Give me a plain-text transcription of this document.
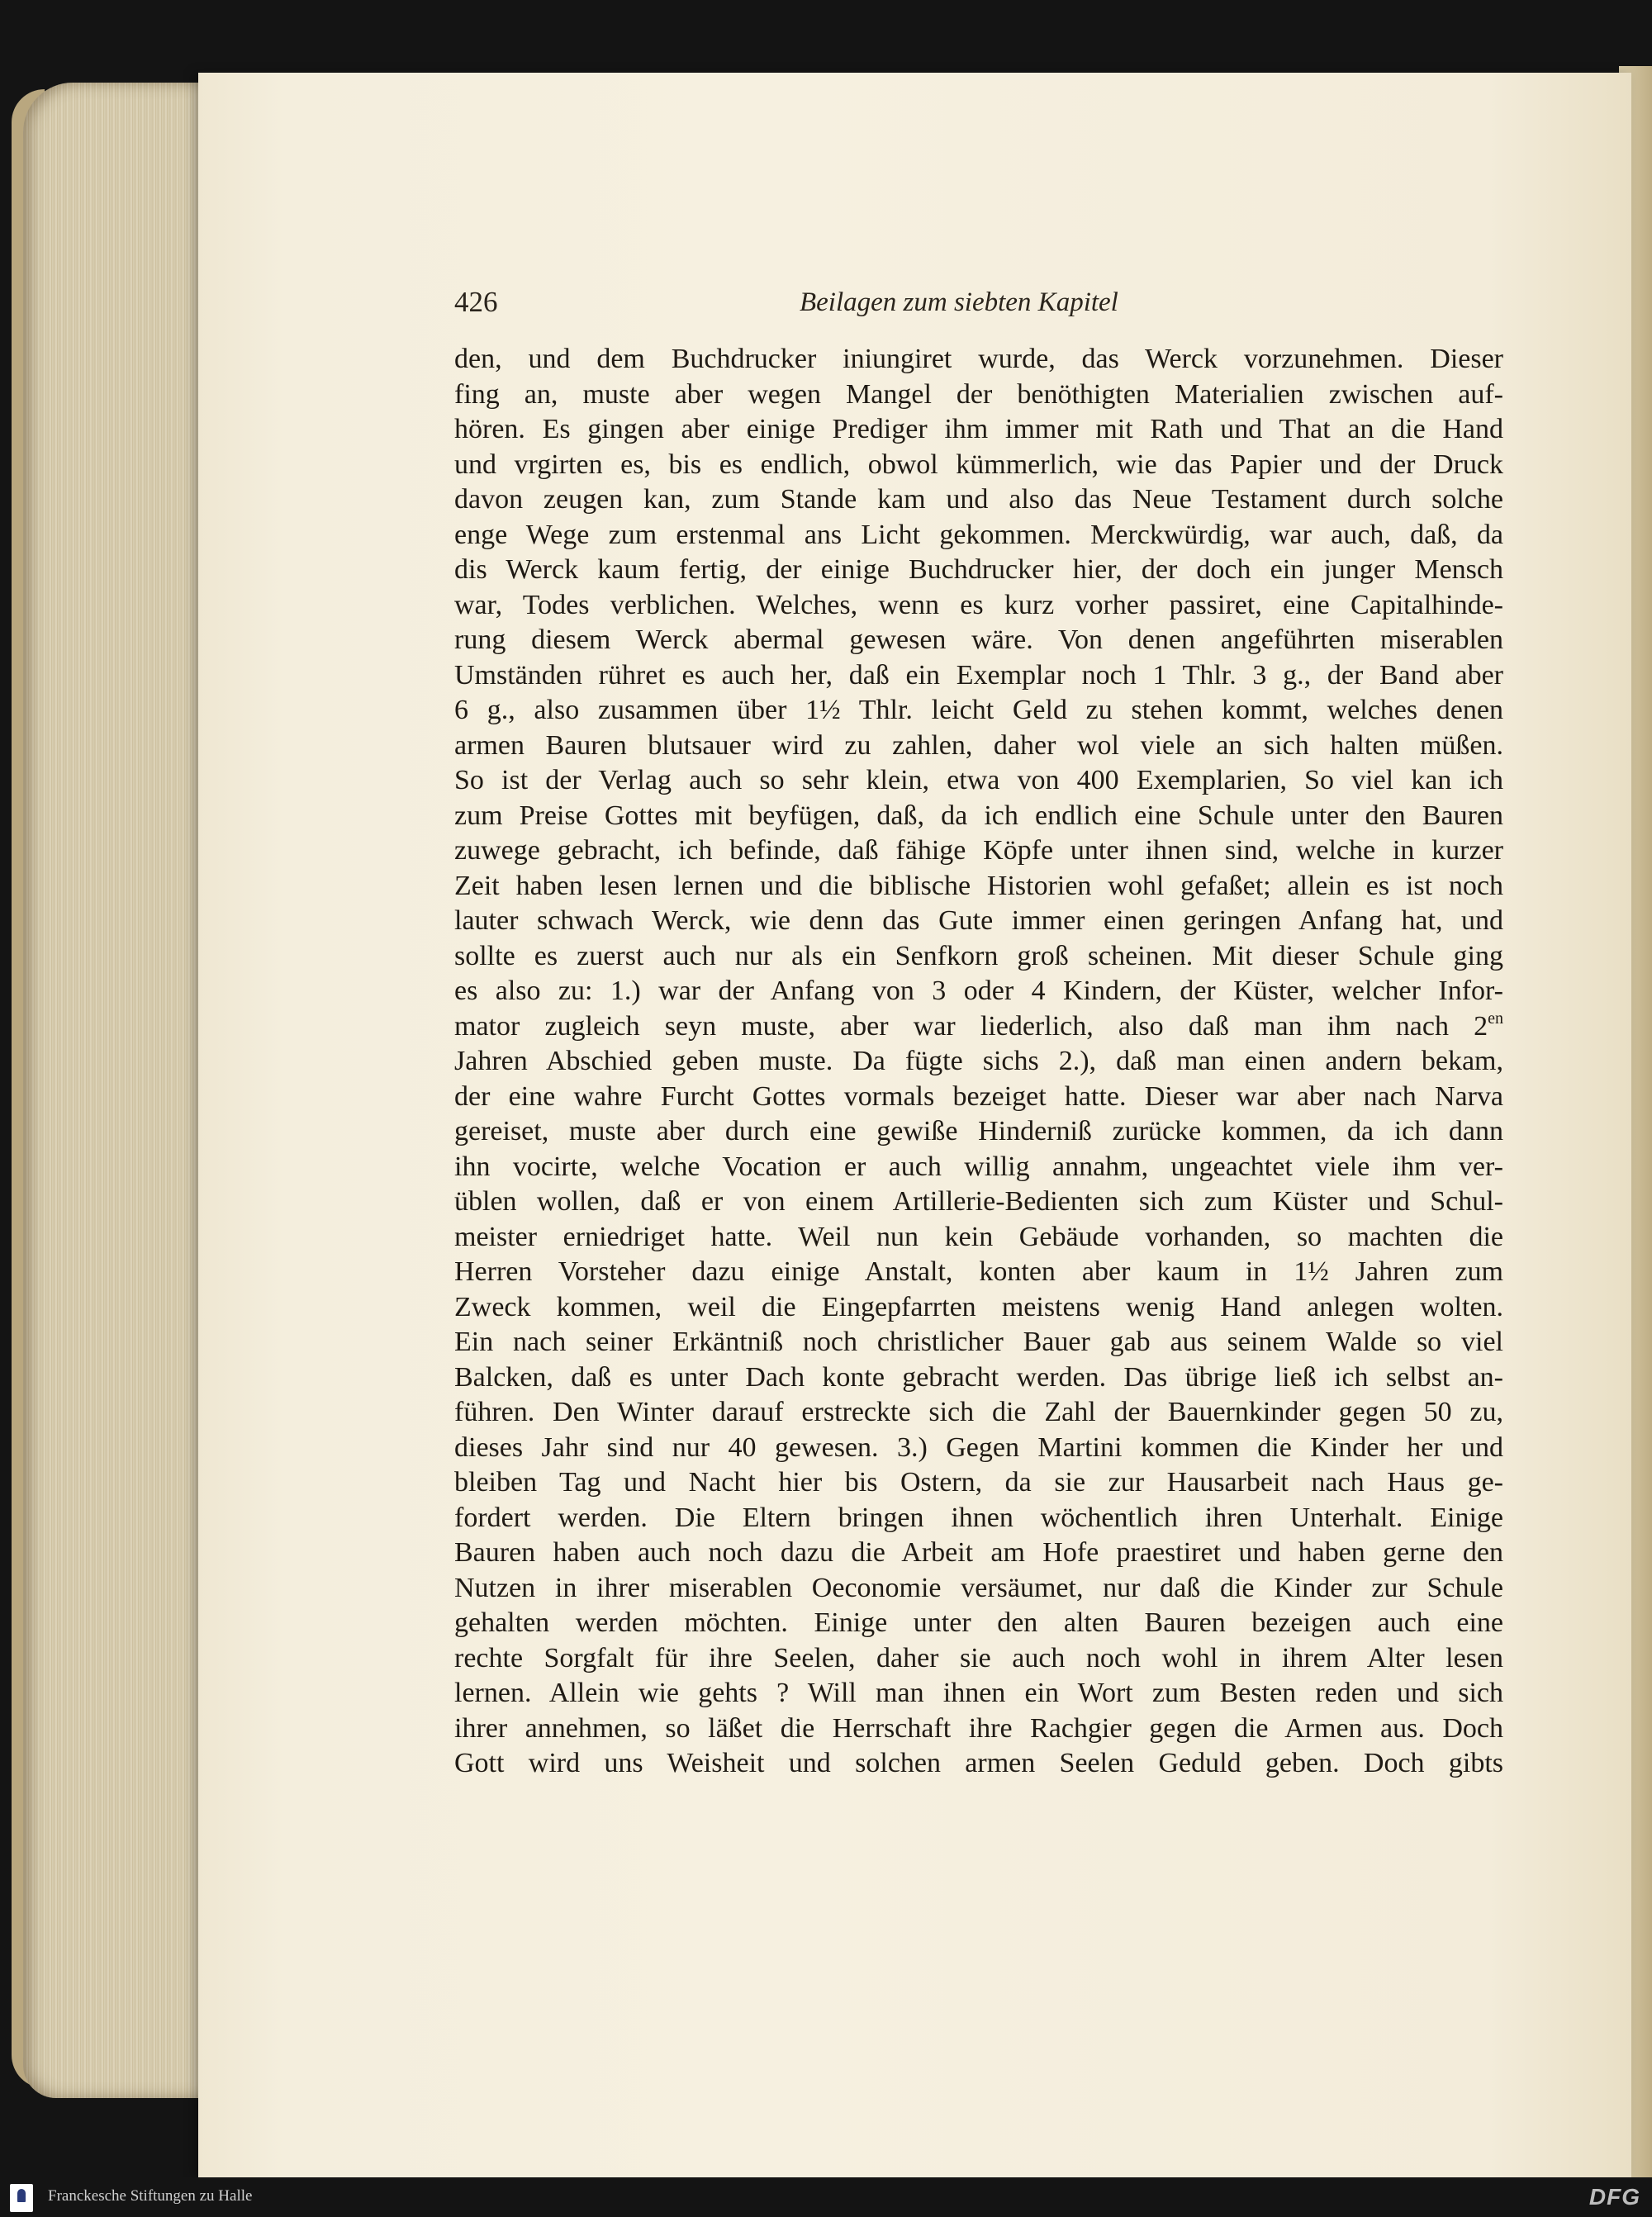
426	Beilagen zum siebten Kapitel
den, und dem Buchdrucker iniungiret wurde, das Werck vorzunehmen. Dieser
fing an, muste aber wegen Mangel der benöthigten Materialien zwischen auf-
hören. Es gingen aber einige Prediger ihm immer mit Rath und That an die Hand
und vrgirten es, bis es endlich, obwol kümmerlich, wie das Papier und der Druck
davon zeugen kan, zum Stande kam und also das Neue Testament durch solche
enge Wege zum erstenmal ans Licht gekommen. Merckwürdig, war auch, daß, da
dis Werck kaum fertig, der einige Buchdrucker hier, der doch ein junger Mensch
war, Todes verblichen. Welches, wenn es kurz vorher passiret, eine Capitalhinde-
rung diesem Werck abermal gewesen wäre. Von denen angeführten miserablen
Umständen rühret es auch her, daß ein Exemplar noch 1 Thlr. 3 g., der Band aber
6 g., also zusammen über 1½ Thlr. leicht Geld zu stehen kommt, welches denen
armen Bauren blutsauer wird zu zahlen, daher wol viele an sich halten müßen.
So ist der Verlag auch so sehr klein, etwa von 400 Exemplarien, So viel kan ich
zum Preise Gottes mit beyfügen, daß, da ich endlich eine Schule unter den Bauren
zuwege gebracht, ich befinde, daß fähige Köpfe unter ihnen sind, welche in kurzer
Zeit haben lesen lernen und die biblische Historien wohl gefaßet; allein es ist noch
lauter schwach Werck, wie denn das Gute immer einen geringen Anfang hat, und
sollte es zuerst auch nur als ein Senfkorn groß scheinen. Mit dieser Schule ging
es also zu: 1.) war der Anfang von 3 oder 4 Kindern, der Küster, welcher Infor-
mator zugleich seyn muste, aber war liederlich, also daß man ihm nach $2^{en}$
Jahren Abschied geben muste. Da fügte sichs 2.), daß man einen andern bekam,
der eine wahre Furcht Gottes vormals bezeiget hatte. Dieser war aber nach Narva
gereiset, muste aber durch eine gewiße Hinderniß zurücke kommen, da ich dann
ihn vocirte, welche Vocation er auch willig annahm, ungeachtet viele ihm ver-
üblen wollen, daß er von einem Artillerie-Bedienten sich zum Küster und Schul-
meister erniedriget hatte. Weil nun kein Gebäude vorhanden, so machten die
Herren Vorsteher dazu einige Anstalt, konten aber kaum in 1½ Jahren zum
Zweck kommen, weil die Eingepfarrten meistens wenig Hand anlegen wolten.
Ein nach seiner Erkäntniß noch christlicher Bauer gab aus seinem Walde so viel
Balcken, daß es unter Dach konte gebracht werden. Das übrige ließ ich selbst an-
führen. Den Winter darauf erstreckte sich die Zahl der Bauernkinder gegen 50 zu,
dieses Jahr sind nur 40 gewesen. 3.) Gegen Martini kommen die Kinder her und
bleiben Tag und Nacht hier bis Ostern, da sie zur Hausarbeit nach Haus ge-
fordert werden. Die Eltern bringen ihnen wöchentlich ihren Unterhalt. Einige
Bauren haben auch noch dazu die Arbeit am Hofe praestiret und haben gerne den
Nutzen in ihrer miserablen Oeconomie versäumet, nur daß die Kinder zur Schule
gehalten werden möchten. Einige unter den alten Bauren bezeigen auch eine
rechte Sorgfalt für ihre Seelen, daher sie auch noch wohl in ihrem Alter lesen
lernen. Allein wie gehts ? Will man ihnen ein Wort zum Besten reden und sich
ihrer annehmen, so läßet die Herrschaft ihre Rachgier gegen die Armen aus. Doch
Gott wird uns Weisheit und solchen armen Seelen Geduld geben. Doch gibts
Franckesche Stiftungen zu Halle	DFG
